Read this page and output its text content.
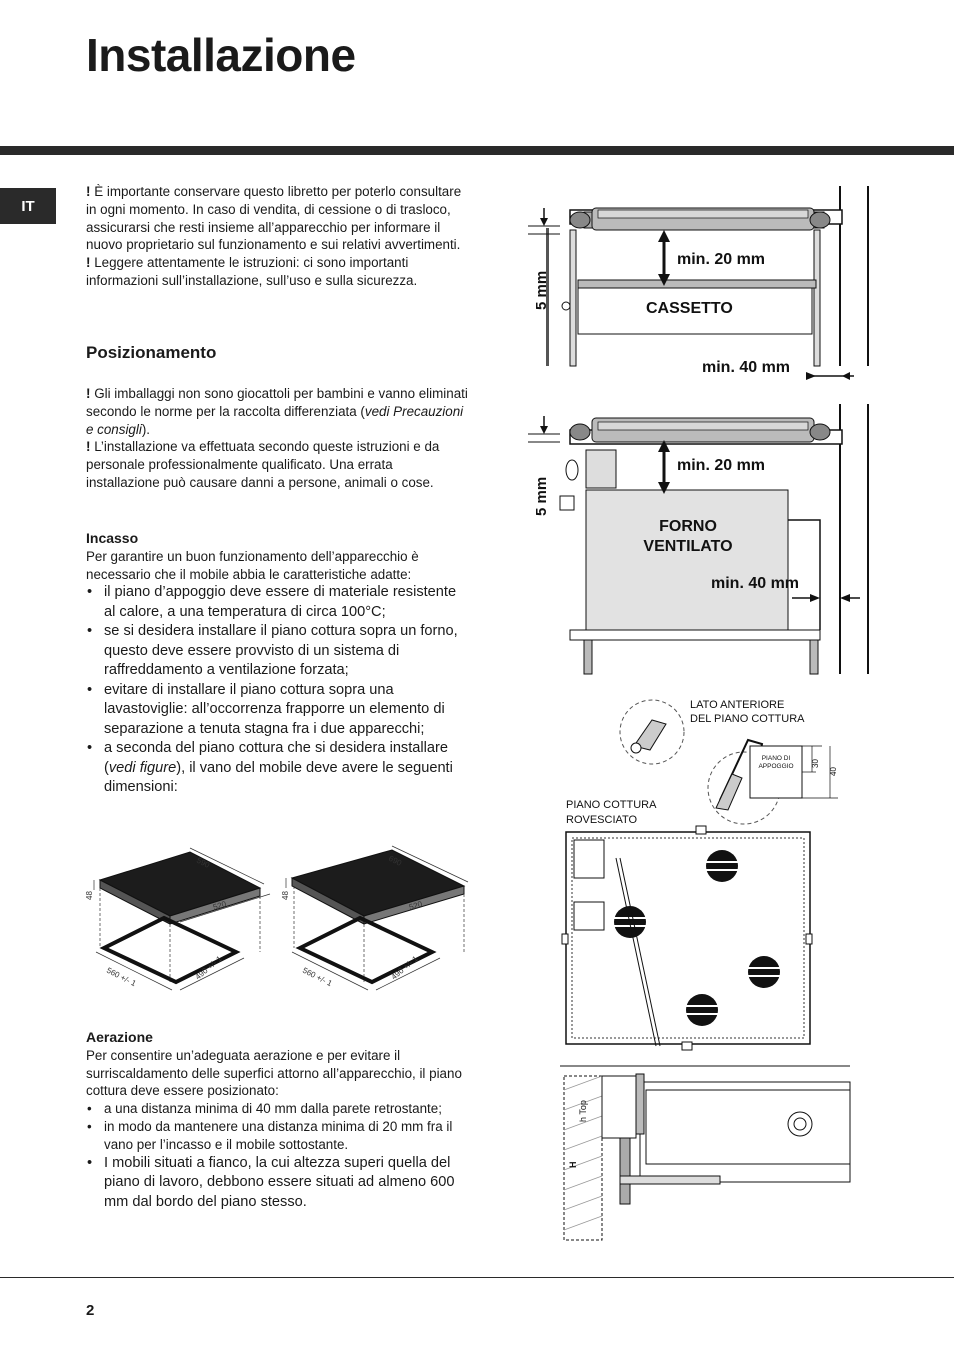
Installazione
IT

! È importante conservare questo libretto per poterlo consultare in ogni momento. In caso di vendita, di cessione o di trasloco, assicurarsi che resti insieme all’apparecchio per informare il nuovo proprietario sul funzionamento e sui relativi avvertimenti.

! Leggere attentamente le istruzioni: ci sono importanti informazioni sull’installazione, sull’uso e sulla sicurezza.

Posizionamento

! Gli imballaggi non sono giocattoli per bambini e vanno eliminati secondo le norme per la raccolta differenziata (vedi Precauzioni e consigli).

! L’installazione va effettuata secondo queste istruzioni e da personale professionalmente qualificato. Una errata installazione può causare danni a persone, animali o cose.

Incasso

Per garantire un buon funzionamento dell’apparecchio è necessario che il mobile abbia le caratteristiche adatte:

• il piano d’appoggio deve essere di materiale resistente al calore, a una temperatura di circa 100°C;
• se si desidera installare il piano cottura sopra un forno, questo deve essere provvisto di un sistema di raffreddamento a ventilazione forzata;
• evitare di installare il piano cottura sopra una lavastoviglie: all’occorrenza frapporre un elemento di separazione a tenuta stagna fra i due apparecchi;
• a seconda del piano cottura che si desidera installare (vedi figure), il vano del mobile deve avere le seguenti dimensioni:
590
520
48
560 +/- 1	490 +/- 1
690
520
48
560 +/- 1	490 +/- 1
Aerazione

Per consentire un’adeguata aerazione e per evitare il surriscaldamento delle superfici attorno all’apparecchio, il piano cottura deve essere posizionato:

• a una distanza minima di 40 mm dalla parete retrostante;
• in modo da mantenere una distanza minima di 20 mm fra il vano per l’incasso e il mobile sottostante.
• I mobili situati a fianco, la cui altezza superi quella del piano di lavoro, debbono essere situati ad almeno 600 mm dal bordo del piano stesso.
min. 20 mm
CASSETTO
5 mm
min. 40 mm
min. 20 mm
FORNO
VENTILATO
5 mm
min. 40 mm
LATO ANTERIORE
DEL PIANO COTTURA
PIANO DI
APPOGGIO 30
40
PIANO COTTURA
ROVESCIATO
h Top
H
2
